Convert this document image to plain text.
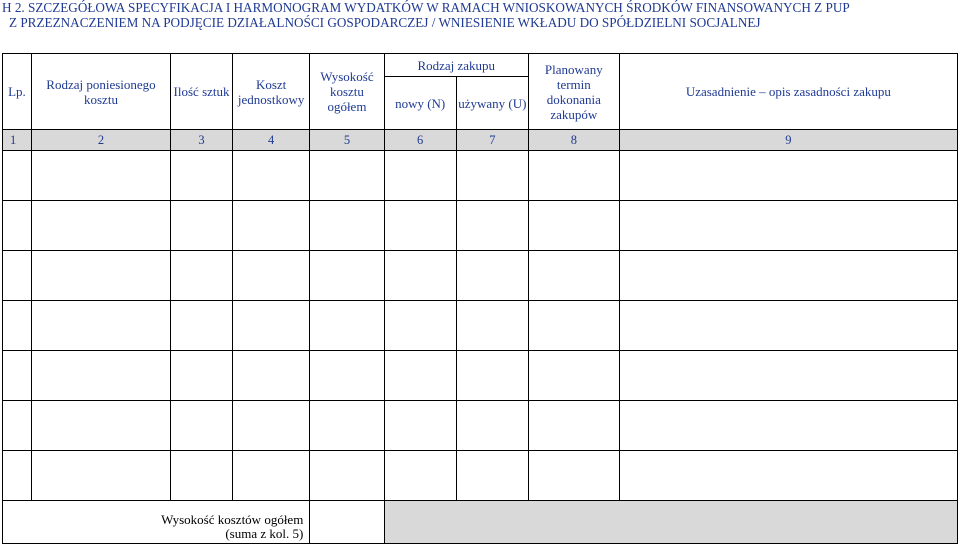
H 2. SZCZEGÓŁOWA SPECYFIKACJA I HARMONOGRAM WYDATKÓW W RAMACH WNIOSKOWANYCH ŚRODKÓW FINANSOWANYCH Z PUP
Z PRZEZNACZENIEM NA PODJĘCIE DZIAŁALNOŚCI GOSPODARCZEJ / WNIESIENIE WKŁADU DO SPÓŁDZIELNI SOCJALNEJ
Lp.	Rodzaj poniesionego kosztu	Ilość sztuk	Koszt jednostkowy	Wysokość kosztu ogółem	Rodzaj zakupu		Planowany termin dokonania zakupów	Uzasadnienie – opis zasadności zakupu
					nowy (N)	używany (U)		
1	2	3	4	5	6	7	8	9

Wysokość kosztów ogółem
(suma z kol. 5)								
